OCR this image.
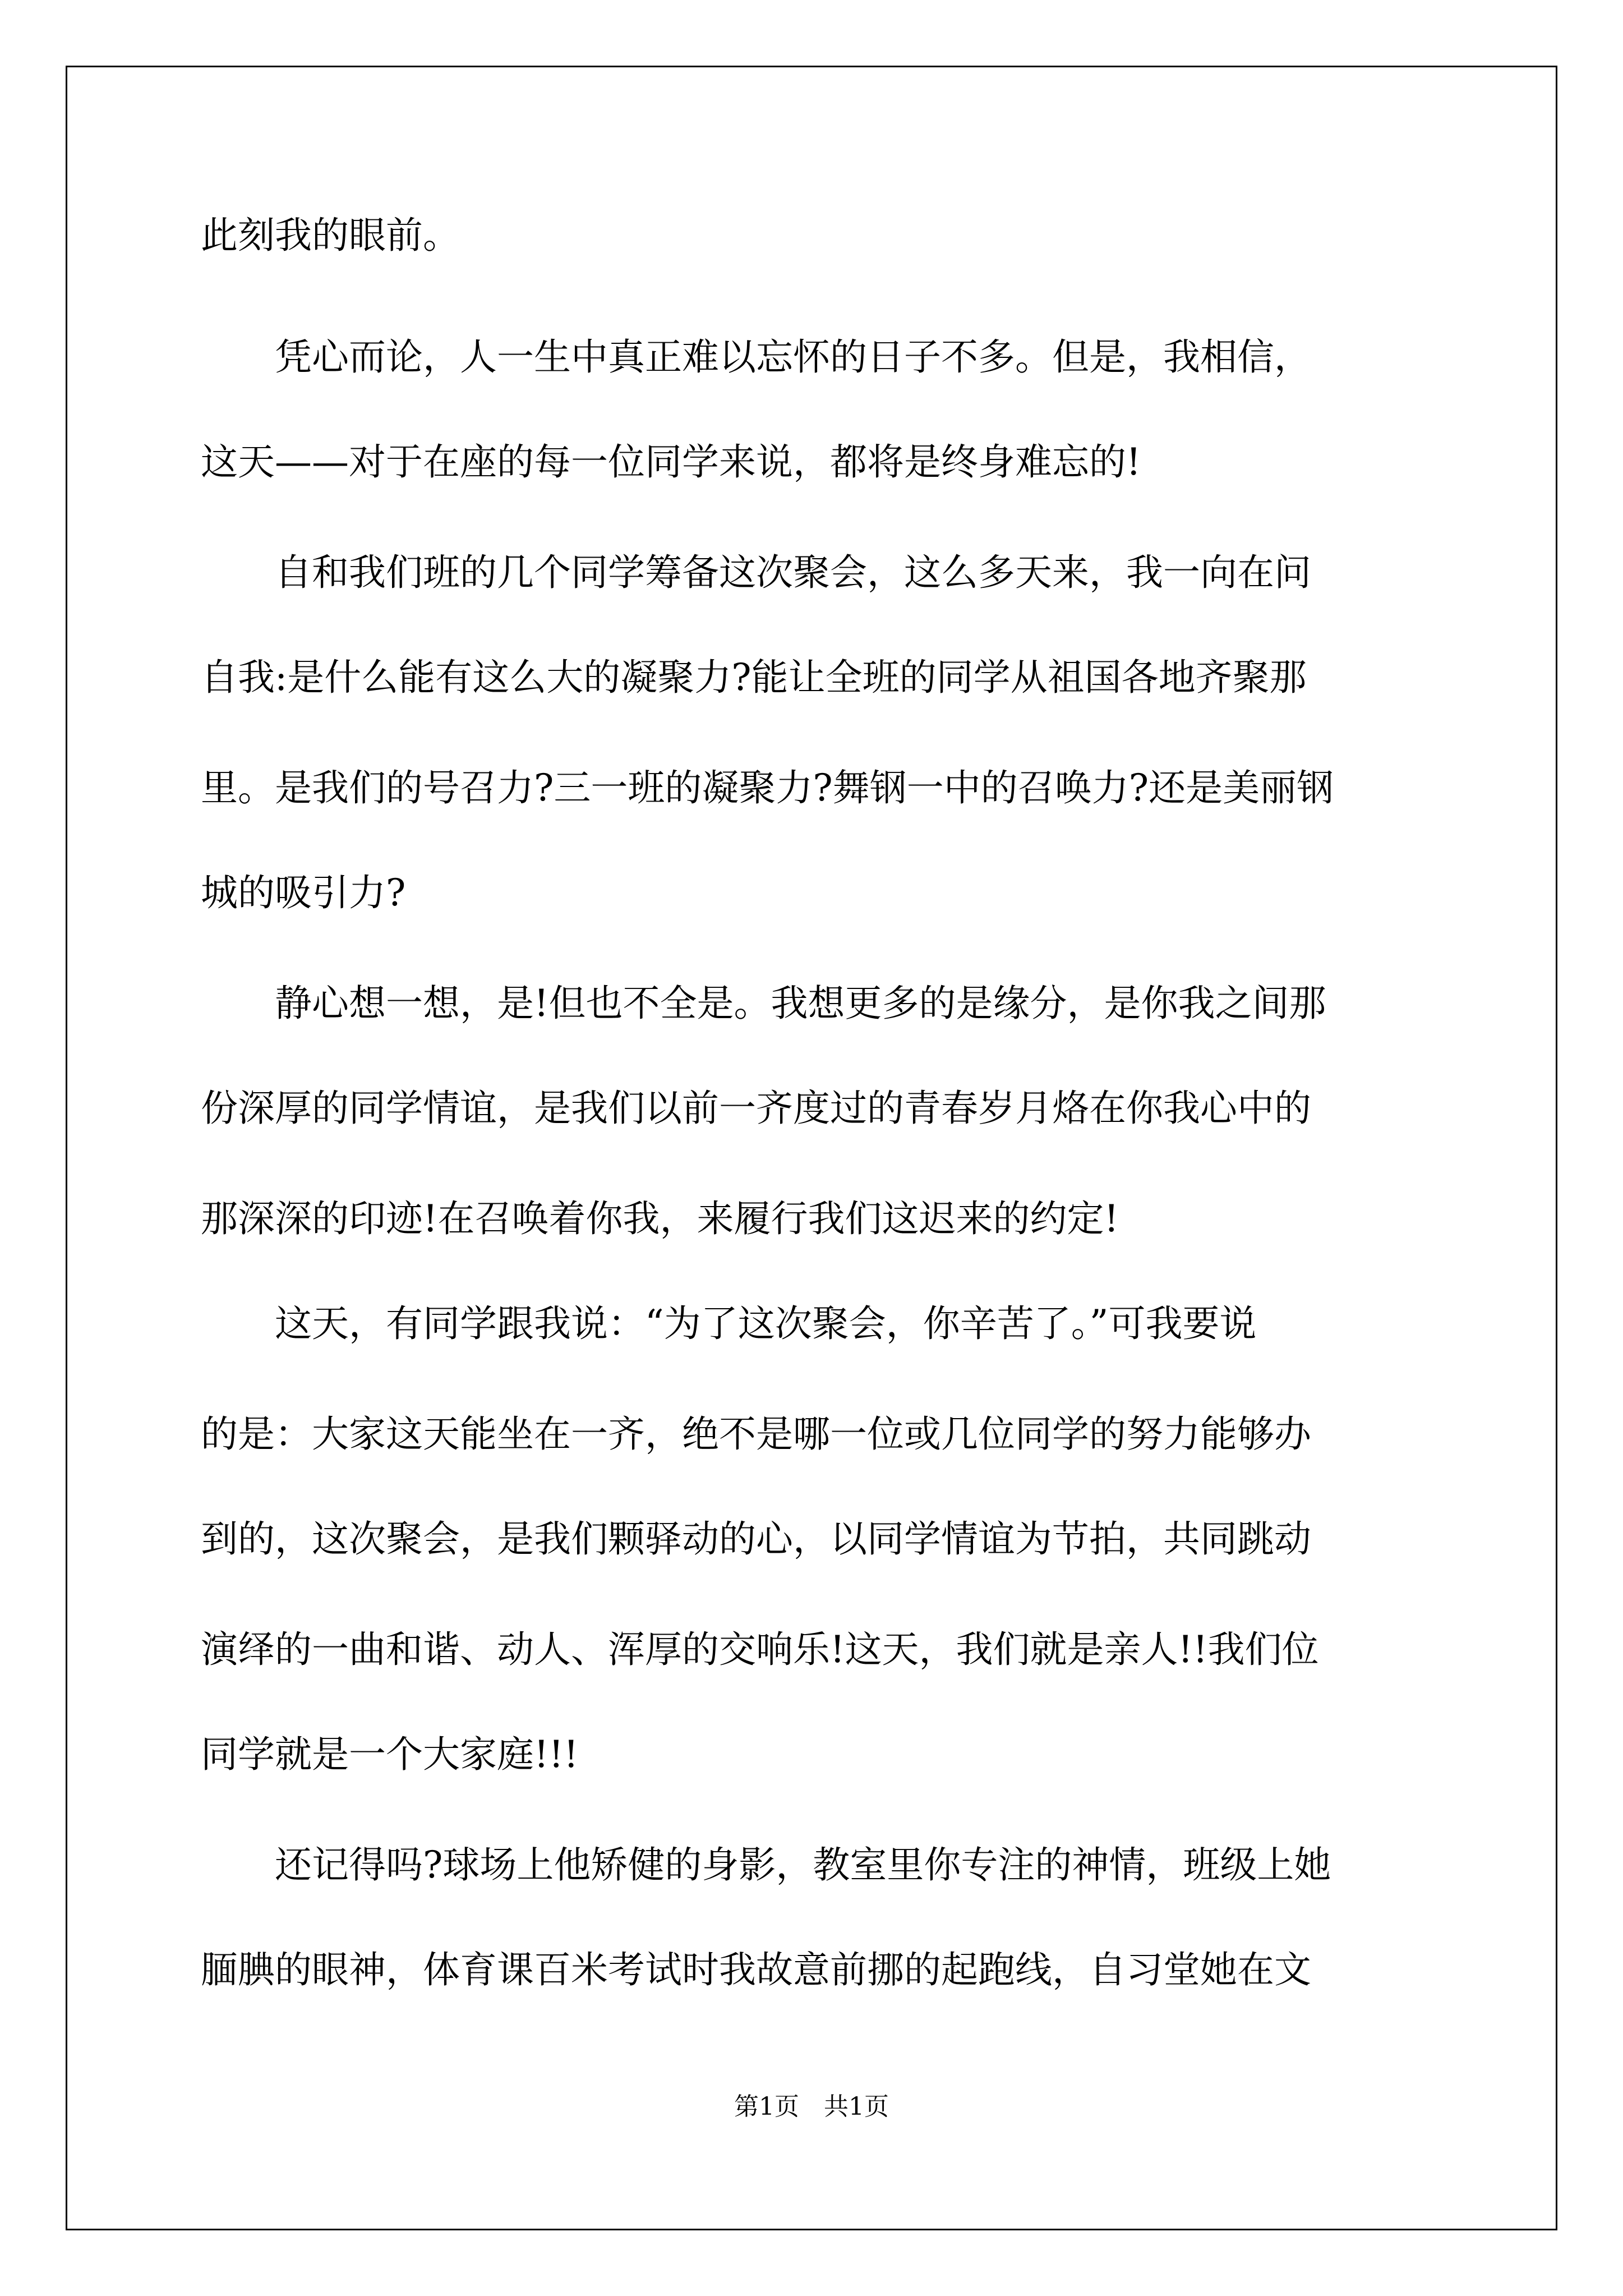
此刻我的眼前。

　　凭心而论，人一生中真正难以忘怀的日子不多。但是，我相信，

这天——对于在座的每一位同学来说，都将是终身难忘的!

　　自和我们班的几个同学筹备这次聚会，这么多天来，我一向在问

自我:是什么能有这么大的凝聚力?能让全班的同学从祖国各地齐聚那

里。是我们的号召力?三一班的凝聚力?舞钢一中的召唤力?还是美丽钢

城的吸引力?

　　静心想一想，是!但也不全是。我想更多的是缘分，是你我之间那

份深厚的同学情谊，是我们以前一齐度过的青春岁月烙在你我心中的

那深深的印迹!在召唤着你我，来履行我们这迟来的约定!

　　这天，有同学跟我说：“为了这次聚会，你辛苦了。”可我要说

的是：大家这天能坐在一齐，绝不是哪一位或几位同学的努力能够办

到的，这次聚会，是我们颗驿动的心，以同学情谊为节拍，共同跳动

演绎的一曲和谐、动人、浑厚的交响乐!这天，我们就是亲人!!我们位

同学就是一个大家庭!!!

　　还记得吗?球场上他矫健的身影，教室里你专注的神情，班级上她

腼腆的眼神，体育课百米考试时我故意前挪的起跑线，自习堂她在文

第1页　共1页
